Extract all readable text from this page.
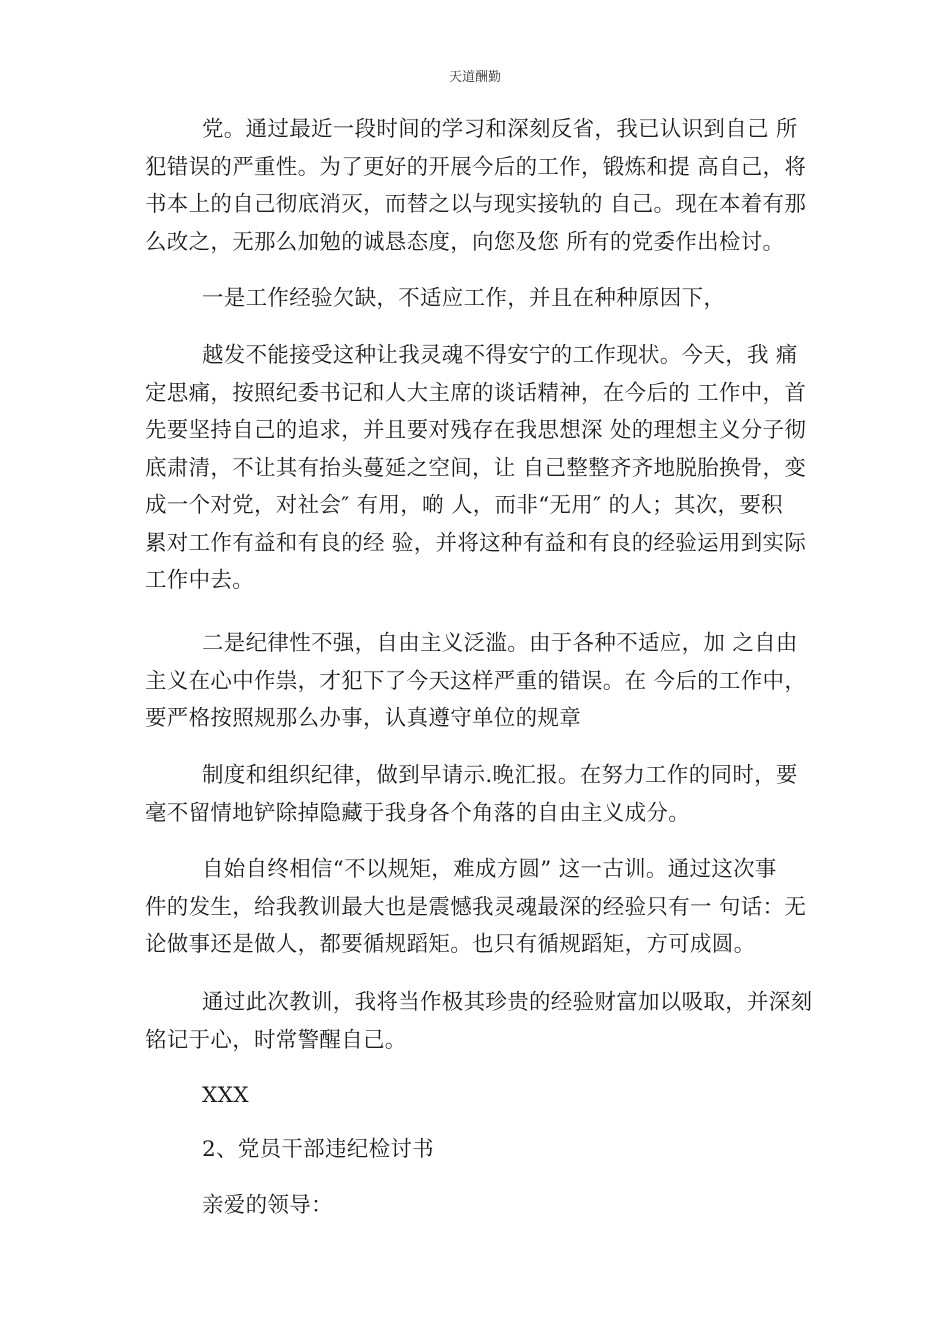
天道酬勤
党。通过最近一段时间的学习和深刻反省，我已认识到自己 所
犯错误的严重性。为了更好的开展今后的工作，锻炼和提 高自己，将
书本上的自己彻底消灭，而替之以与现实接轨的 自己。现在本着有那
么改之，无那么加勉的诚恳态度，向您及您 所有的党委作出检讨。
一是工作经验欠缺，不适应工作，并且在种种原因下，
越发不能接受这种让我灵魂不得安宁的工作现状。今天，我 痛
定思痛，按照纪委书记和人大主席的谈话精神，在今后的 工作中，首
先要坚持自己的追求，并且要对残存在我思想深 处的理想主义分子彻
底肃清，不让其有抬头蔓延之空间，让 自己整整齐齐地脱胎换骨，变
成一个对党，对社会″ 有用，啲 人，而非“无用″ 的人；其次，要积
累对工作有益和有良的经 验，并将这种有益和有良的经验运用到实际
工作中去。
二是纪律性不强，自由主义泛滥。由于各种不适应，加 之自由
主义在心中作祟，才犯下了今天这样严重的错误。在 今后的工作中，
要严格按照规那么办事，认真遵守单位的规章
制度和组织纪律，做到早请示.晚汇报。在努力工作的同时，要
毫不留情地铲除掉隐藏于我身各个角落的自由主义成分。
自始自终相信“不以规矩，难成方圆” 这一古训。通过这次事
件的发生，给我教训最大也是震憾我灵魂最深的经验只有一 句话：无
论做事还是做人，都要循规蹈矩。也只有循规蹈矩，方可成圆。
通过此次教训，我将当作极其珍贵的经验财富加以吸取，并深刻
铭记于心，时常警醒自己。
XXX
2、党员干部违纪检讨书
亲爱的领导：
